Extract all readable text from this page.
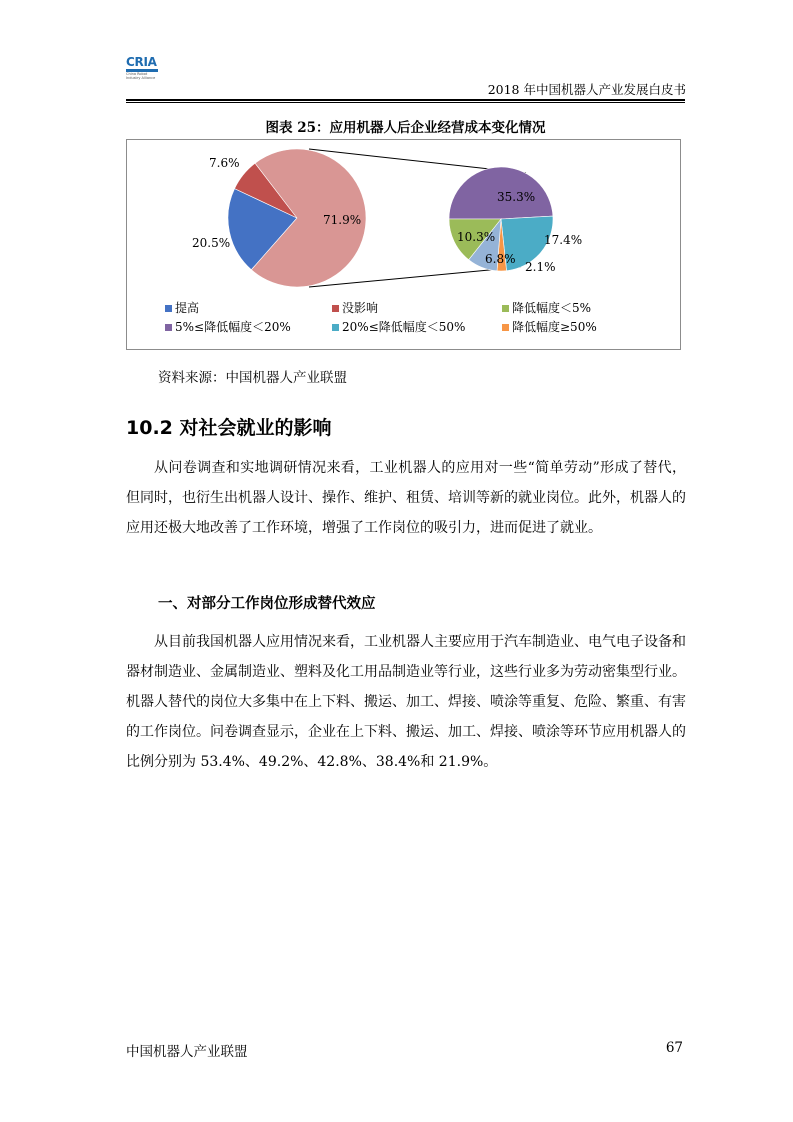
CRIA
China Robot Industry Alliance
2018 年中国机器人产业发展白皮书
图表 25：应用机器人后企业经营成本变化情况
20.5%
7.6%
71.9%
35.3%
17.4%
2.1%
6.8%
10.3%
提高	没影响	降低幅度＜5%
5%≤降低幅度＜20%	20%≤降低幅度＜50%	降低幅度≥50%
资料来源：中国机器人产业联盟
10.2 对社会就业的影响

从问卷调查和实地调研情况来看，工业机器人的应用对一些“简单劳动”形成了替代，但同时，也衍生出机器人设计、操作、维护、租赁、培训等新的就业岗位。此外，机器人的应用还极大地改善了工作环境，增强了工作岗位的吸引力，进而促进了就业。

一、对部分工作岗位形成替代效应

从目前我国机器人应用情况来看，工业机器人主要应用于汽车制造业、电气电子设备和器材制造业、金属制造业、塑料及化工用品制造业等行业，这些行业多为劳动密集型行业。机器人替代的岗位大多集中在上下料、搬运、加工、焊接、喷涂等重复、危险、繁重、有害的工作岗位。问卷调查显示，企业在上下料、搬运、加工、焊接、喷涂等环节应用机器人的比例分别为 53.4%、49.2%、42.8%、38.4%和 21.9%。

中国机器人产业联盟	67
